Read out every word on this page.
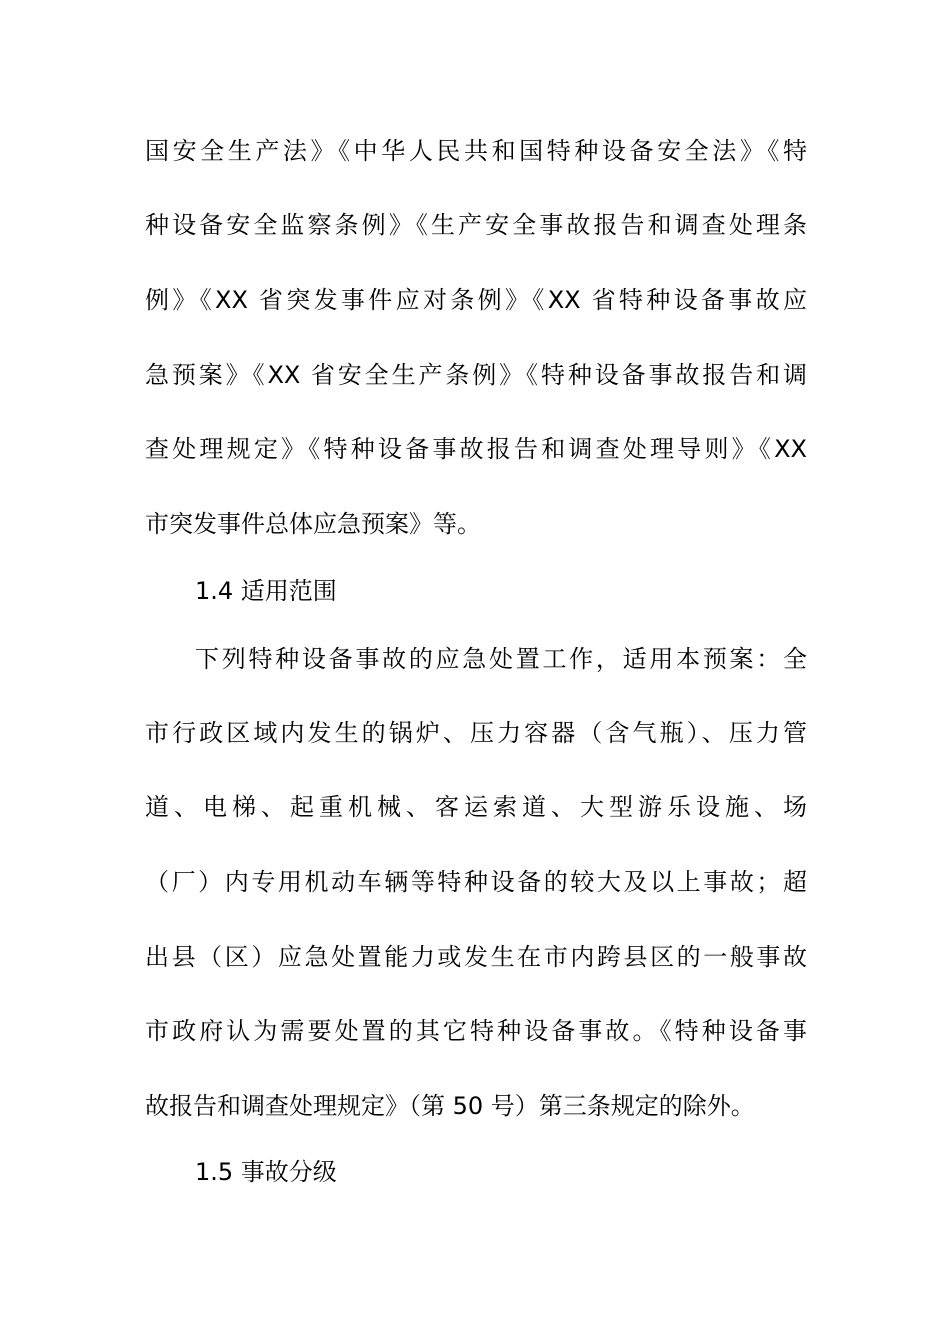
国安全生产法》《中华人民共和国特种设备安全法》《特
种设备安全监察条例》《生产安全事故报告和调查处理条
例》《XX 省突发事件应对条例》《XX 省特种设备事故应
急预案》《XX 省安全生产条例》《特种设备事故报告和调
查处理规定》《特种设备事故报告和调查处理导则》《XX
市突发事件总体应急预案》等。
1.4 适用范围
下列特种设备事故的应急处置工作，适用本预案：全
市行政区域内发生的锅炉、压力容器（含气瓶）、压力管
道、电梯、起重机械、客运索道、大型游乐设施、场
（厂）内专用机动车辆等特种设备的较大及以上事故；超
出县（区）应急处置能力或发生在市内跨县区的一般事故
市政府认为需要处置的其它特种设备事故。《特种设备事
故报告和调查处理规定》（第 50 号）第三条规定的除外。
1.5 事故分级
